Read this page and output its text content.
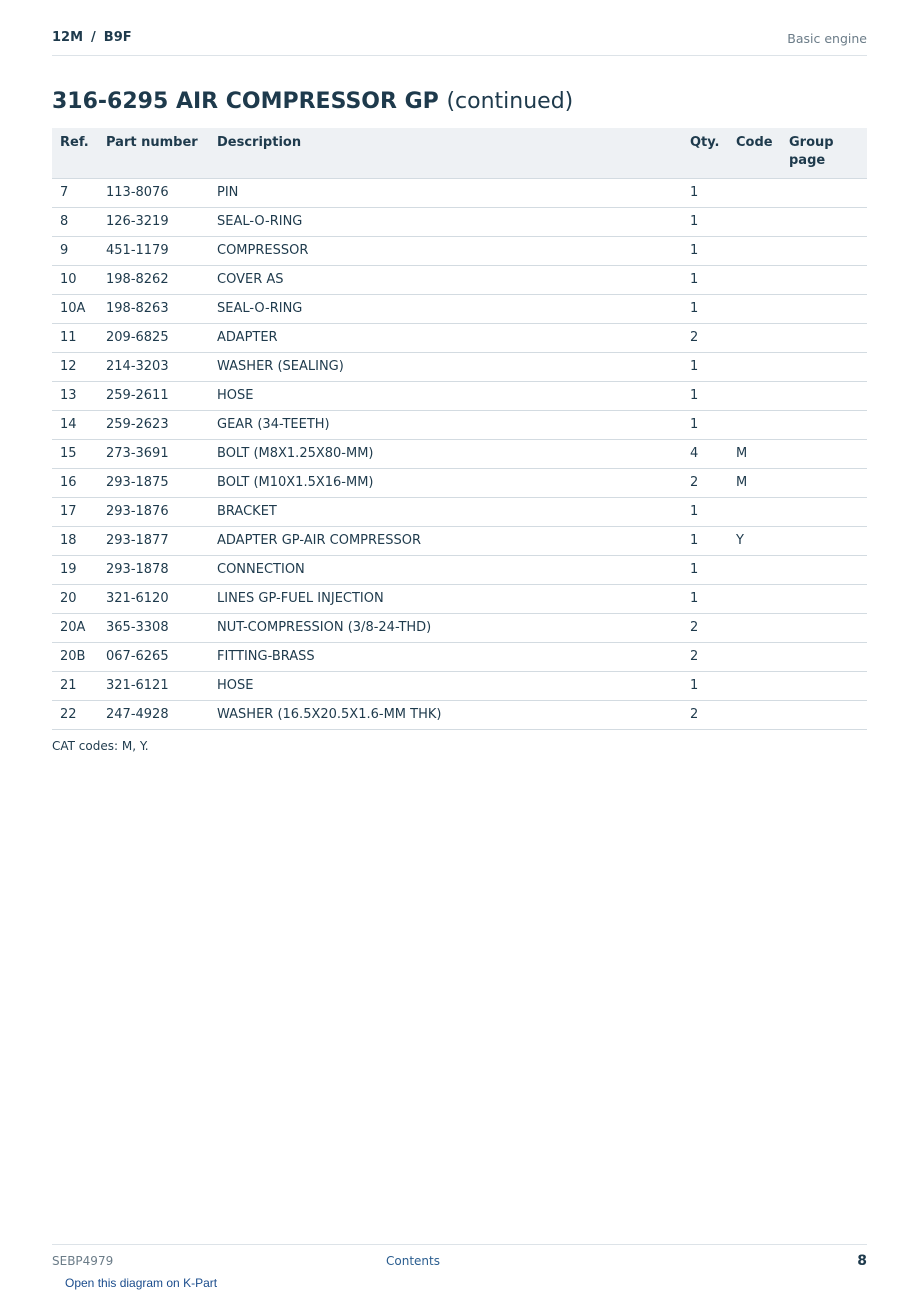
12M / B9F	Basic engine
316-6295 AIR COMPRESSOR GP (continued)
Ref.	Part number	Description	Qty.	Code	Group page
7	113-8076	PIN	1		
8	126-3219	SEAL-O-RING	1		
9	451-1179	COMPRESSOR	1		
10	198-8262	COVER AS	1		
10A	198-8263	SEAL-O-RING	1		
11	209-6825	ADAPTER	2		
12	214-3203	WASHER (SEALING)	1		
13	259-2611	HOSE	1		
14	259-2623	GEAR (34-TEETH)	1		
15	273-3691	BOLT (M8X1.25X80-MM)	4	M	
16	293-1875	BOLT (M10X1.5X16-MM)	2	M	
17	293-1876	BRACKET	1		
18	293-1877	ADAPTER GP-AIR COMPRESSOR	1	Y	
19	293-1878	CONNECTION	1		
20	321-6120	LINES GP-FUEL INJECTION	1		
20A	365-3308	NUT-COMPRESSION (3/8-24-THD)	2		
20B	067-6265	FITTING-BRASS	2		
21	321-6121	HOSE	1		
22	247-4928	WASHER (16.5X20.5X1.6-MM THK)	2		
CAT codes: M, Y.
SEBP4979	Contents	8
Open this diagram on K-Part
